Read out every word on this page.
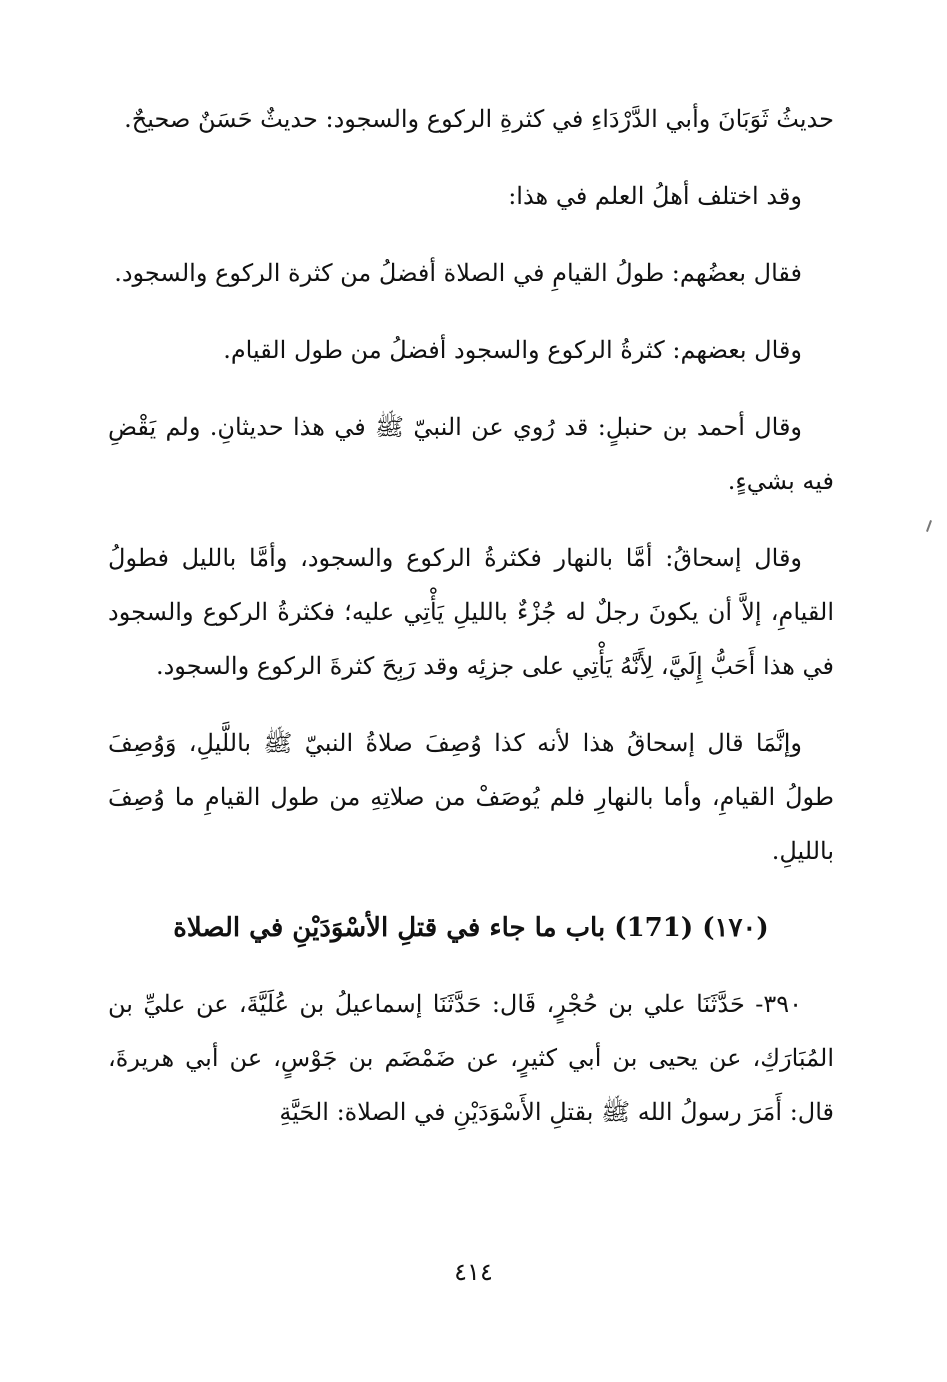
حديثُ ثَوَبَانَ وأبي الدَّرْدَاءِ في كثرةِ الركوع والسجود: حديثٌ حَسَنٌ صحيحٌ.

وقد اختلف أهلُ العلم في هذا:

فقال بعضُهم: طولُ القيامِ في الصلاة أفضلُ من كثرة الركوع والسجود.

وقال بعضهم: كثرةُ الركوع والسجود أفضلُ من طول القيام.

وقال أحمد بن حنبلٍ: قد رُوي عن النبيّ ﷺ في هذا حديثانِ. ولم يَقْضِ فيه بشيءٍ.

وقال إسحاقُ: أمَّا بالنهار فكثرةُ الركوع والسجود، وأمَّا بالليل فطولُ القيامِ، إلاَّ أن يكونَ رجلٌ له جُزْءٌ بالليلِ يَأْتِي عليه؛ فكثرةُ الركوع والسجود في هذا أَحَبُّ إِلَيَّ، لِأَنَّهُ يَأْتِي على جزئِه وقد رَبِحَ كثرةَ الركوع والسجود.

وإنَّمَا قال إسحاقُ هذا لأنه كذا وُصِفَ صلاةُ النبيّ ﷺ باللَّيلِ، وَوُصِفَ طولُ القيامِ، وأما بالنهارِ فلم يُوصَفْ من صلاتِهِ من طول القيامِ ما وُصِفَ بالليلِ.

(١٧٠) (171) باب ما جاء في قتلِ الأسْوَدَيْنِ في الصلاة

٣٩٠- حَدَّثَنَا علي بن حُجْرٍ، قَال: حَدَّثَنَا إسماعيلُ بن عُلَيَّةَ، عن عليِّ بن المُبَارَكِ، عن يحيى بن أبي كثيرٍ، عن ضَمْضَم بن جَوْسٍ، عن أبي هريرةَ، قال: أَمَرَ رسولُ الله ﷺ بقتلِ الأَسْوَدَيْنِ في الصلاة: الحَيَّةِ

٤١٤
